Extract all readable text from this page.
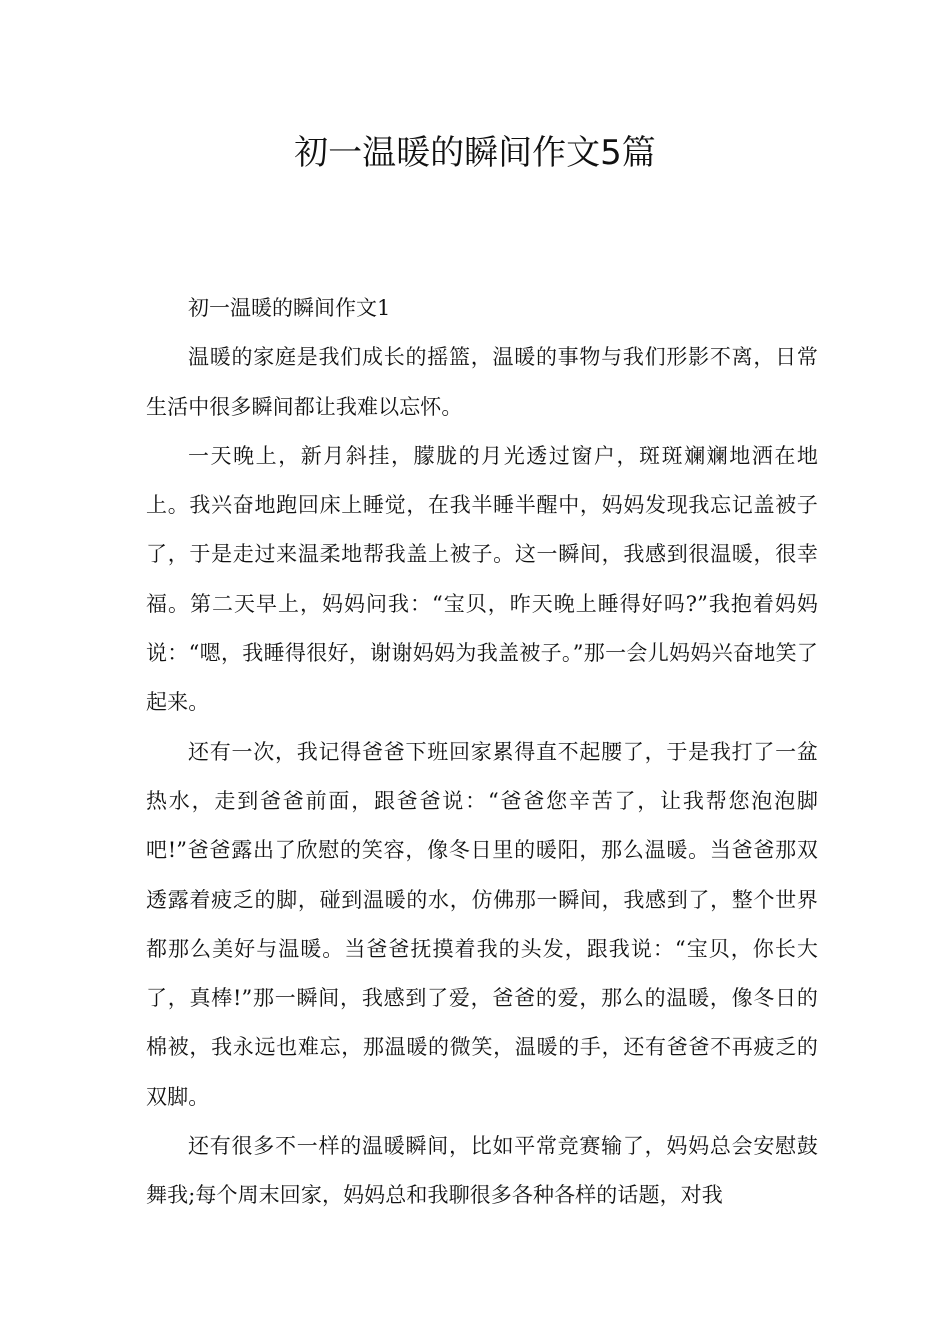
初一温暖的瞬间作文5篇

初一温暖的瞬间作文1

温暖的家庭是我们成长的摇篮，温暖的事物与我们形影不离，日常生活中很多瞬间都让我难以忘怀。

一天晚上，新月斜挂，朦胧的月光透过窗户，斑斑斓斓地洒在地上。我兴奋地跑回床上睡觉，在我半睡半醒中，妈妈发现我忘记盖被子了，于是走过来温柔地帮我盖上被子。这一瞬间，我感到很温暖，很幸福。第二天早上，妈妈问我：“宝贝，昨天晚上睡得好吗?”我抱着妈妈说：“嗯，我睡得很好，谢谢妈妈为我盖被子。”那一会儿妈妈兴奋地笑了起来。

还有一次，我记得爸爸下班回家累得直不起腰了，于是我打了一盆热水，走到爸爸前面，跟爸爸说：“爸爸您辛苦了，让我帮您泡泡脚吧!”爸爸露出了欣慰的笑容，像冬日里的暖阳，那么温暖。当爸爸那双透露着疲乏的脚，碰到温暖的水，仿佛那一瞬间，我感到了，整个世界都那么美好与温暖。当爸爸抚摸着我的头发，跟我说：“宝贝，你长大了，真棒!”那一瞬间，我感到了爱，爸爸的爱，那么的温暖，像冬日的棉被，我永远也难忘，那温暖的微笑，温暖的手，还有爸爸不再疲乏的双脚。

还有很多不一样的温暖瞬间，比如平常竞赛输了，妈妈总会安慰鼓舞我;每个周末回家，妈妈总和我聊很多各种各样的话题，对我
